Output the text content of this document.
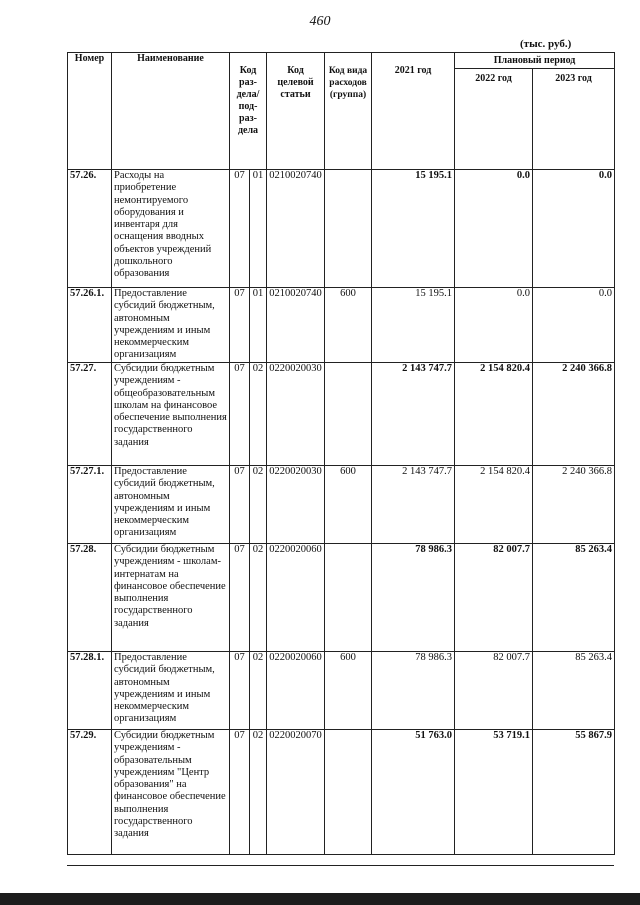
460
(тыс. руб.)
Номер	Наименование	Код раз-дела/ под-раз-дела		Код целевой статьи	Код вида расходов (группа)	2021 год	Плановый период	
							2022 год	2023 год
57.26.	Расходы на приобретение немонтируемого оборудования и инвентаря для оснащения вводных объектов учреждений дошкольного образования	07	01	0210020740		15 195.1	0.0	0.0
57.26.1.	Предоставление субсидий бюджетным, автономным учреждениям и иным некоммерческим организациям	07	01	0210020740	600	15 195.1	0.0	0.0
57.27.	Субсидии бюджетным учреждениям - общеобразовательным школам на финансовое обеспечение выполнения государственного задания	07	02	0220020030		2 143 747.7	2 154 820.4	2 240 366.8
57.27.1.	Предоставление субсидий бюджетным, автономным учреждениям и иным некоммерческим организациям	07	02	0220020030	600	2 143 747.7	2 154 820.4	2 240 366.8
57.28.	Субсидии бюджетным учреждениям - школам-интернатам на финансовое обеспечение выполнения государственного задания	07	02	0220020060		78 986.3	82 007.7	85 263.4
57.28.1.	Предоставление субсидий бюджетным, автономным учреждениям и иным некоммерческим организациям	07	02	0220020060	600	78 986.3	82 007.7	85 263.4
57.29.	Субсидии бюджетным учреждениям - образовательным учреждениям "Центр образования" на финансовое обеспечение выполнения государственного задания	07	02	0220020070		51 763.0	53 719.1	55 867.9
